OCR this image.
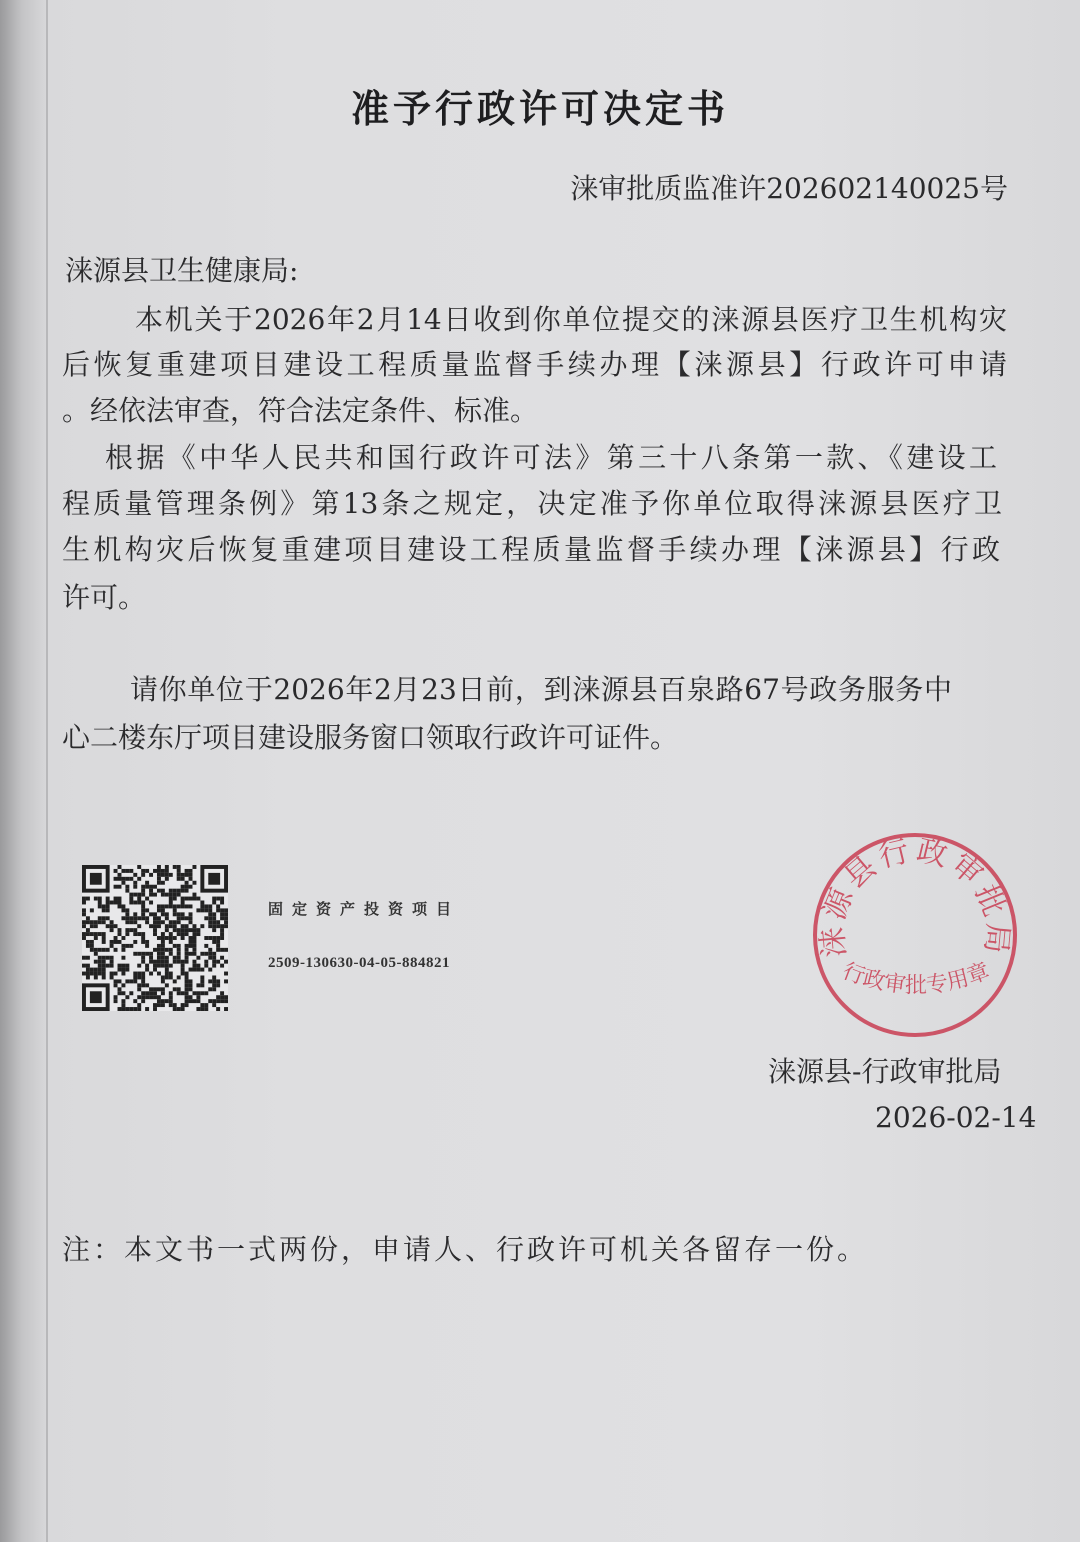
准予行政许可决定书
涞审批质监准许202602140025号
涞源县卫生健康局:
本机关于2026年2月14日收到你单位提交的涞源县医疗卫生机构灾
后恢复重建项目建设工程质量监督手续办理【涞源县】行政许可申请
。经依法审查，符合法定条件、标准。
根据《中华人民共和国行政许可法》第三十八条第一款、《建设工
程质量管理条例》第13条之规定，决定准予你单位取得涞源县医疗卫
生机构灾后恢复重建项目建设工程质量监督手续办理【涞源县】行政
许可。
请你单位于2026年2月23日前，到涞源县百泉路67号政务服务中
心二楼东厅项目建设服务窗口领取行政许可证件。
固定资产投资项目
2509-130630-04-05-884821
涞源县行政审批局
行政审批专用章
涞源县-行政审批局
2026-02-14
注：本文书一式两份，申请人、行政许可机关各留存一份。
